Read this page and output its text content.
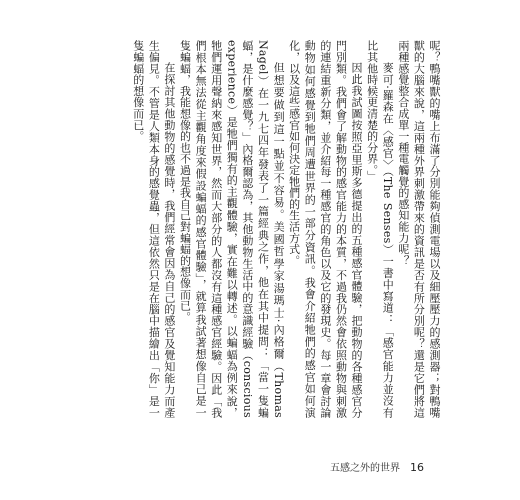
呢？鴨嘴獸的嘴上布滿了分別能夠偵測電場以及細壓壓力的感測器；對鴨嘴獸的大腦來說，這兩種外界刺激帶來的資訊是否有所分別呢？還是它們將這兩種感覺整合成單一種電觸覺的感知能力呢？

麥可·羅森在〈感官〉（The Senses）一書中寫道：「感官能力並沒有比其他時候更清楚的分界。」

因此我試圖按照亞里斯多德提出的五種感官體驗，把動物的各種感官分門別類。我們會了解動物的感官能力的本質，不過我仍然會依照動物與刺激的連結重新分類，並介紹每一種感官的角色以及它的發現史。每一章會討論動物如何感覺到牠們周遭世界的一部分資訊。我會介紹牠們的感官如何演化，以及這些感官如何決定牠們的生活方式。

但想要做到這一點並不容易。美國哲學家湯瑪士·內格爾（Thomas Nagel）在一九七四年發表了一篇經典之作，他在其中提問：「當一隻蝙蝠，是什麼感覺？」內格爾認為，其他動物生活中的意識經驗（conscious experience）是牠們獨有的主觀體驗，實在難以轉述。以蝙蝠為例來說，牠們運用聲納來感知世界，然而大部分的人都沒有這種感官經驗。因此「我們根本無法從主觀角度來假設蝙蝠的感官體驗」，就算我試著想像自己是一隻蝙蝠，我能想像的也不過是我自己對蝙蝠的想像而已。

在探討其他動物的感覺時，我們經常會因為自己的感官及覺知能力而產生偏見。不管是人類本身的感覺蟲，但這依然只是在腦中描繪出「你」是一隻蝙蝠的想像而已。

五感之外的世界 16
